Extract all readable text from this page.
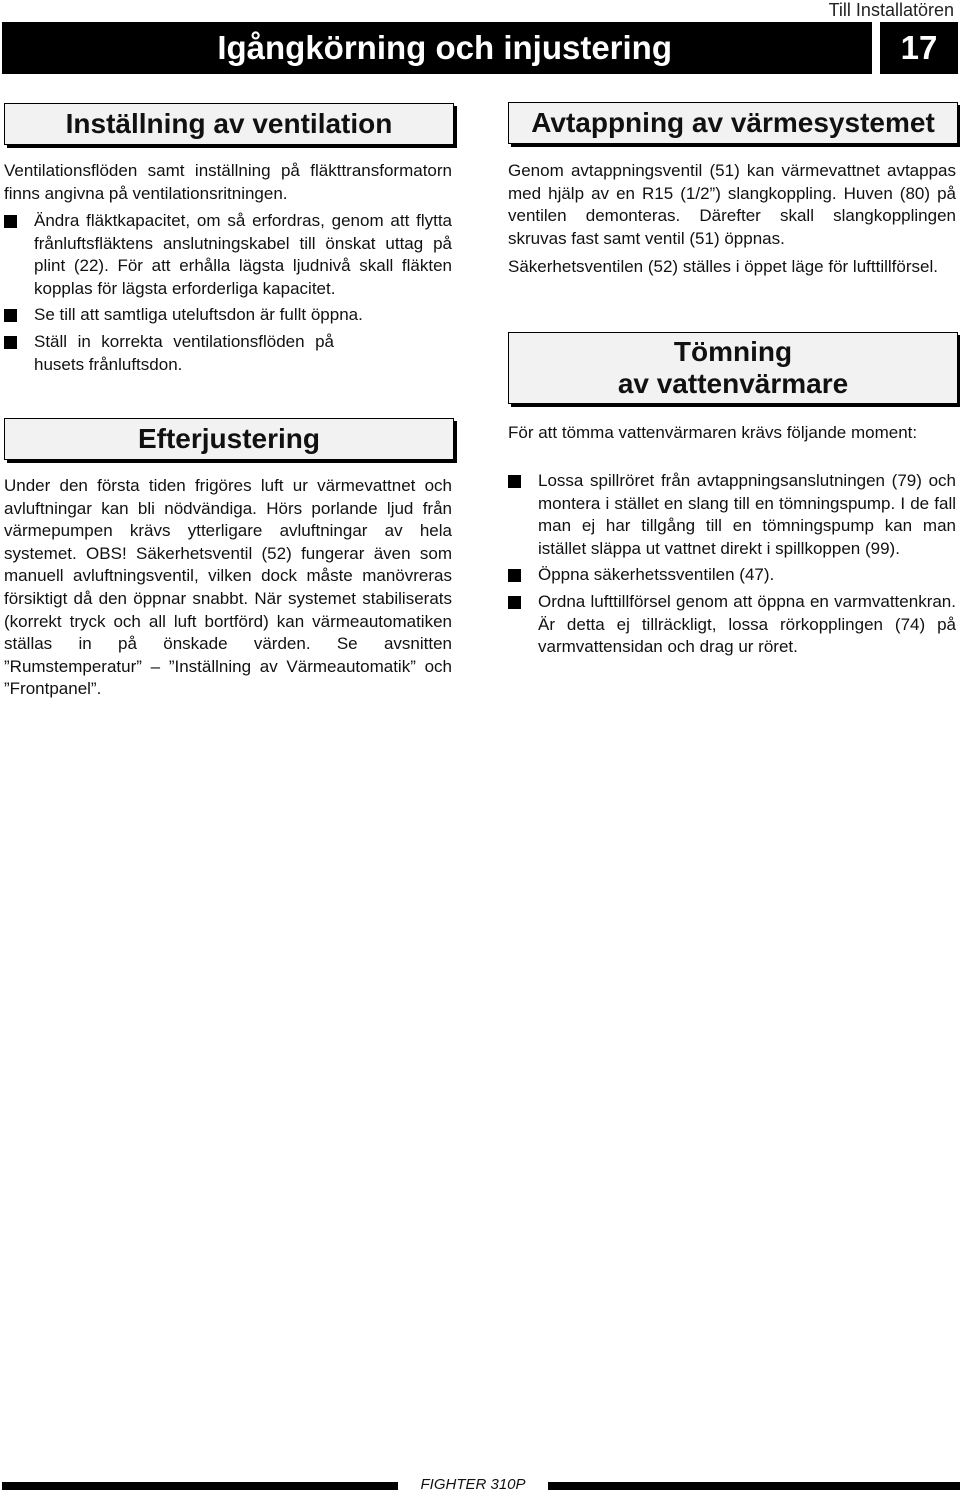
Till Installatören
Igångkörning och injustering	17
Inställning av ventilation

Ventilationsflöden samt inställning på fläkttransformatorn finns angivna på ventilationsritningen.

Ändra fläktkapacitet, om så erfordras, genom att flytta frånluftsfläktens anslutningskabel till önskat uttag på plint (22). För att erhålla lägsta ljudnivå skall fläkten kopplas för lägsta erforderliga kapacitet.
Se till att samtliga uteluftsdon är fullt öppna.
Ställ in korrekta ventilationsflöden på husets frånluftsdon.
Efterjustering

Under den första tiden frigöres luft ur värmevattnet och avluftningar kan bli nödvändiga. Hörs porlande ljud från värmepumpen krävs ytterligare avluftningar av hela systemet. OBS! Säkerhetsventil (52) fungerar även som manuell avluftningsventil, vilken dock måste manövreras försiktigt då den öppnar snabbt. När systemet stabiliserats (korrekt tryck och all luft bortförd) kan värmeautomatiken ställas in på önskade värden. Se avsnitten ”Rumstemperatur” – ”Inställning av Värmeautomatik” och ”Frontpanel”.

Avtappning av värmesystemet

Genom avtappningsventil (51) kan värmevattnet avtappas med hjälp av en R15 (1/2”) slangkoppling. Huven (80) på ventilen demonteras. Därefter skall slangkopplingen skruvas fast samt ventil (51) öppnas.

Säkerhetsventilen (52) ställes i öppet läge för lufttillförsel.

Tömning
av vattenvärmare

För att tömma vattenvärmaren krävs följande moment:

Lossa spillröret från avtappningsanslutningen (79) och montera i stället en slang till en tömningspump. I de fall man ej har tillgång till en tömningspump kan man istället släppa ut vattnet direkt i spillkoppen (99).
Öppna säkerhetssventilen (47).
Ordna lufttillförsel genom att öppna en varmvattenkran. Är detta ej tillräckligt, lossa rörkopplingen (74) på varmvattensidan och drag ur röret.
FIGHTER 310P
